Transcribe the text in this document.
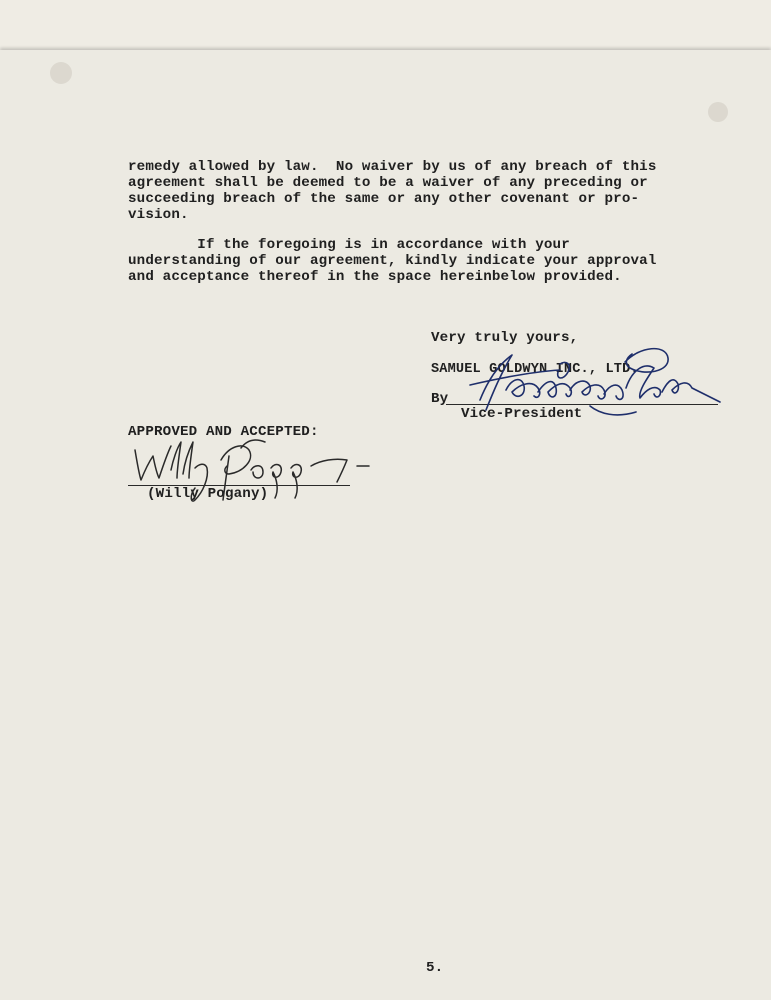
remedy allowed by law.  No waiver by us of any breach of this

agreement shall be deemed to be a waiver of any preceding or

succeeding breach of the same or any other covenant or pro-

vision.

If the foregoing is in accordance with your

understanding of our agreement, kindly indicate your approval

and acceptance thereof in the space hereinbelow provided.

Very truly yours,

SAMUEL GOLDWYN INC., LTD.

By

Vice-President

APPROVED AND ACCEPTED:

(Willy Pogany)

5.
